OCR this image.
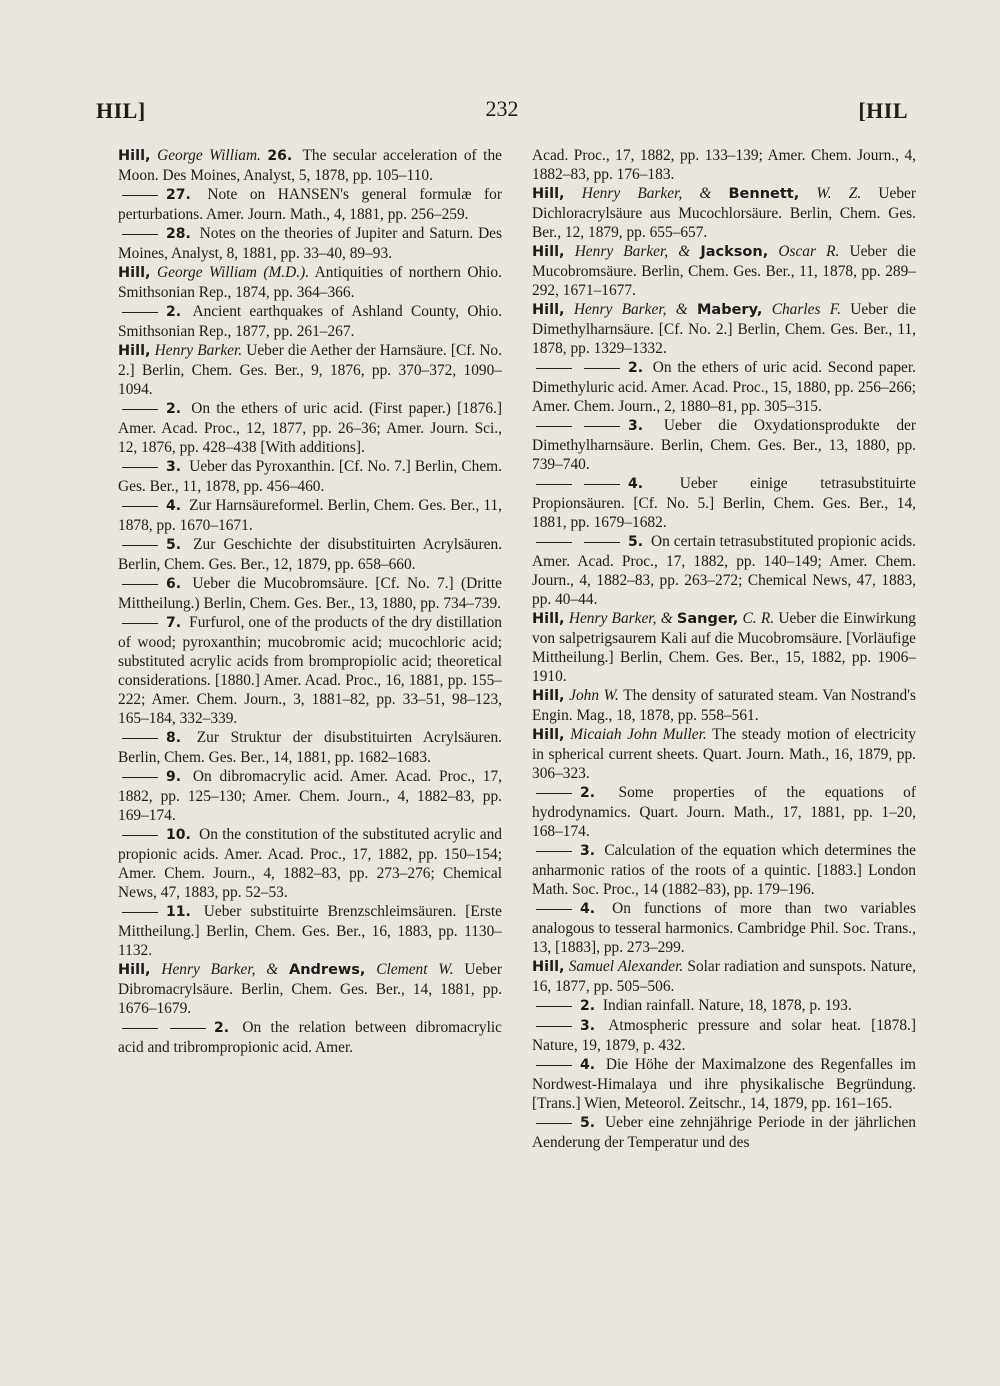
HIL]	232	[HIL

Hill, George William. 26. The secular acceleration of the Moon. Des Moines, Analyst, 5, 1878, pp. 105–110.

27. Note on HANSEN's general formulæ for perturbations. Amer. Journ. Math., 4, 1881, pp. 256–259.

28. Notes on the theories of Jupiter and Saturn. Des Moines, Analyst, 8, 1881, pp. 33–40, 89–93.

Hill, George William (M.D.). Antiquities of northern Ohio. Smithsonian Rep., 1874, pp. 364–366.

2. Ancient earthquakes of Ashland County, Ohio. Smithsonian Rep., 1877, pp. 261–267.

Hill, Henry Barker. Ueber die Aether der Harnsäure. [Cf. No. 2.] Berlin, Chem. Ges. Ber., 9, 1876, pp. 370–372, 1090–1094.

2. On the ethers of uric acid. (First paper.) [1876.] Amer. Acad. Proc., 12, 1877, pp. 26–36; Amer. Journ. Sci., 12, 1876, pp. 428–438 [With additions].

3. Ueber das Pyroxanthin. [Cf. No. 7.] Berlin, Chem. Ges. Ber., 11, 1878, pp. 456–460.

4. Zur Harnsäureformel. Berlin, Chem. Ges. Ber., 11, 1878, pp. 1670–1671.

5. Zur Geschichte der disubstituirten Acrylsäuren. Berlin, Chem. Ges. Ber., 12, 1879, pp. 658–660.

6. Ueber die Mucobromsäure. [Cf. No. 7.] (Dritte Mittheilung.) Berlin, Chem. Ges. Ber., 13, 1880, pp. 734–739.

7. Furfurol, one of the products of the dry distillation of wood; pyroxanthin; mucobromic acid; mucochloric acid; substituted acrylic acids from brompropiolic acid; theoretical considerations. [1880.] Amer. Acad. Proc., 16, 1881, pp. 155–222; Amer. Chem. Journ., 3, 1881–82, pp. 33–51, 98–123, 165–184, 332–339.

8. Zur Struktur der disubstituirten Acrylsäuren. Berlin, Chem. Ges. Ber., 14, 1881, pp. 1682–1683.

9. On dibromacrylic acid. Amer. Acad. Proc., 17, 1882, pp. 125–130; Amer. Chem. Journ., 4, 1882–83, pp. 169–174.

10. On the constitution of the substituted acrylic and propionic acids. Amer. Acad. Proc., 17, 1882, pp. 150–154; Amer. Chem. Journ., 4, 1882–83, pp. 273–276; Chemical News, 47, 1883, pp. 52–53.

11. Ueber substituirte Brenzschleimsäuren. [Erste Mittheilung.] Berlin, Chem. Ges. Ber., 16, 1883, pp. 1130–1132.

Hill, Henry Barker, & Andrews, Clement W. Ueber Dibromacrylsäure. Berlin, Chem. Ges. Ber., 14, 1881, pp. 1676–1679.

2. On the relation between dibromacrylic acid and tribrompropionic acid. Amer.

Acad. Proc., 17, 1882, pp. 133–139; Amer. Chem. Journ., 4, 1882–83, pp. 176–183.

Hill, Henry Barker, & Bennett, W. Z. Ueber Dichloracrylsäure aus Mucochlorsäure. Berlin, Chem. Ges. Ber., 12, 1879, pp. 655–657.

Hill, Henry Barker, & Jackson, Oscar R. Ueber die Mucobromsäure. Berlin, Chem. Ges. Ber., 11, 1878, pp. 289–292, 1671–1677.

Hill, Henry Barker, & Mabery, Charles F. Ueber die Dimethylharnsäure. [Cf. No. 2.] Berlin, Chem. Ges. Ber., 11, 1878, pp. 1329–1332.

2. On the ethers of uric acid. Second paper. Dimethyluric acid. Amer. Acad. Proc., 15, 1880, pp. 256–266; Amer. Chem. Journ., 2, 1880–81, pp. 305–315.

3. Ueber die Oxydationsprodukte der Dimethylharnsäure. Berlin, Chem. Ges. Ber., 13, 1880, pp. 739–740.

4. Ueber einige tetrasubstituirte Propionsäuren. [Cf. No. 5.] Berlin, Chem. Ges. Ber., 14, 1881, pp. 1679–1682.

5. On certain tetrasubstituted propionic acids. Amer. Acad. Proc., 17, 1882, pp. 140–149; Amer. Chem. Journ., 4, 1882–83, pp. 263–272; Chemical News, 47, 1883, pp. 40–44.

Hill, Henry Barker, & Sanger, C. R. Ueber die Einwirkung von salpetrigsaurem Kali auf die Mucobromsäure. [Vorläufige Mittheilung.] Berlin, Chem. Ges. Ber., 15, 1882, pp. 1906–1910.

Hill, John W. The density of saturated steam. Van Nostrand's Engin. Mag., 18, 1878, pp. 558–561.

Hill, Micaiah John Muller. The steady motion of electricity in spherical current sheets. Quart. Journ. Math., 16, 1879, pp. 306–323.

2. Some properties of the equations of hydrodynamics. Quart. Journ. Math., 17, 1881, pp. 1–20, 168–174.

3. Calculation of the equation which determines the anharmonic ratios of the roots of a quintic. [1883.] London Math. Soc. Proc., 14 (1882–83), pp. 179–196.

4. On functions of more than two variables analogous to tesseral harmonics. Cambridge Phil. Soc. Trans., 13, [1883], pp. 273–299.

Hill, Samuel Alexander. Solar radiation and sunspots. Nature, 16, 1877, pp. 505–506.

2. Indian rainfall. Nature, 18, 1878, p. 193.

3. Atmospheric pressure and solar heat. [1878.] Nature, 19, 1879, p. 432.

4. Die Höhe der Maximalzone des Regenfalles im Nordwest-Himalaya und ihre physikalische Begründung. [Trans.] Wien, Meteorol. Zeitschr., 14, 1879, pp. 161–165.

5. Ueber eine zehnjährige Periode in der jährlichen Aenderung der Temperatur und des
